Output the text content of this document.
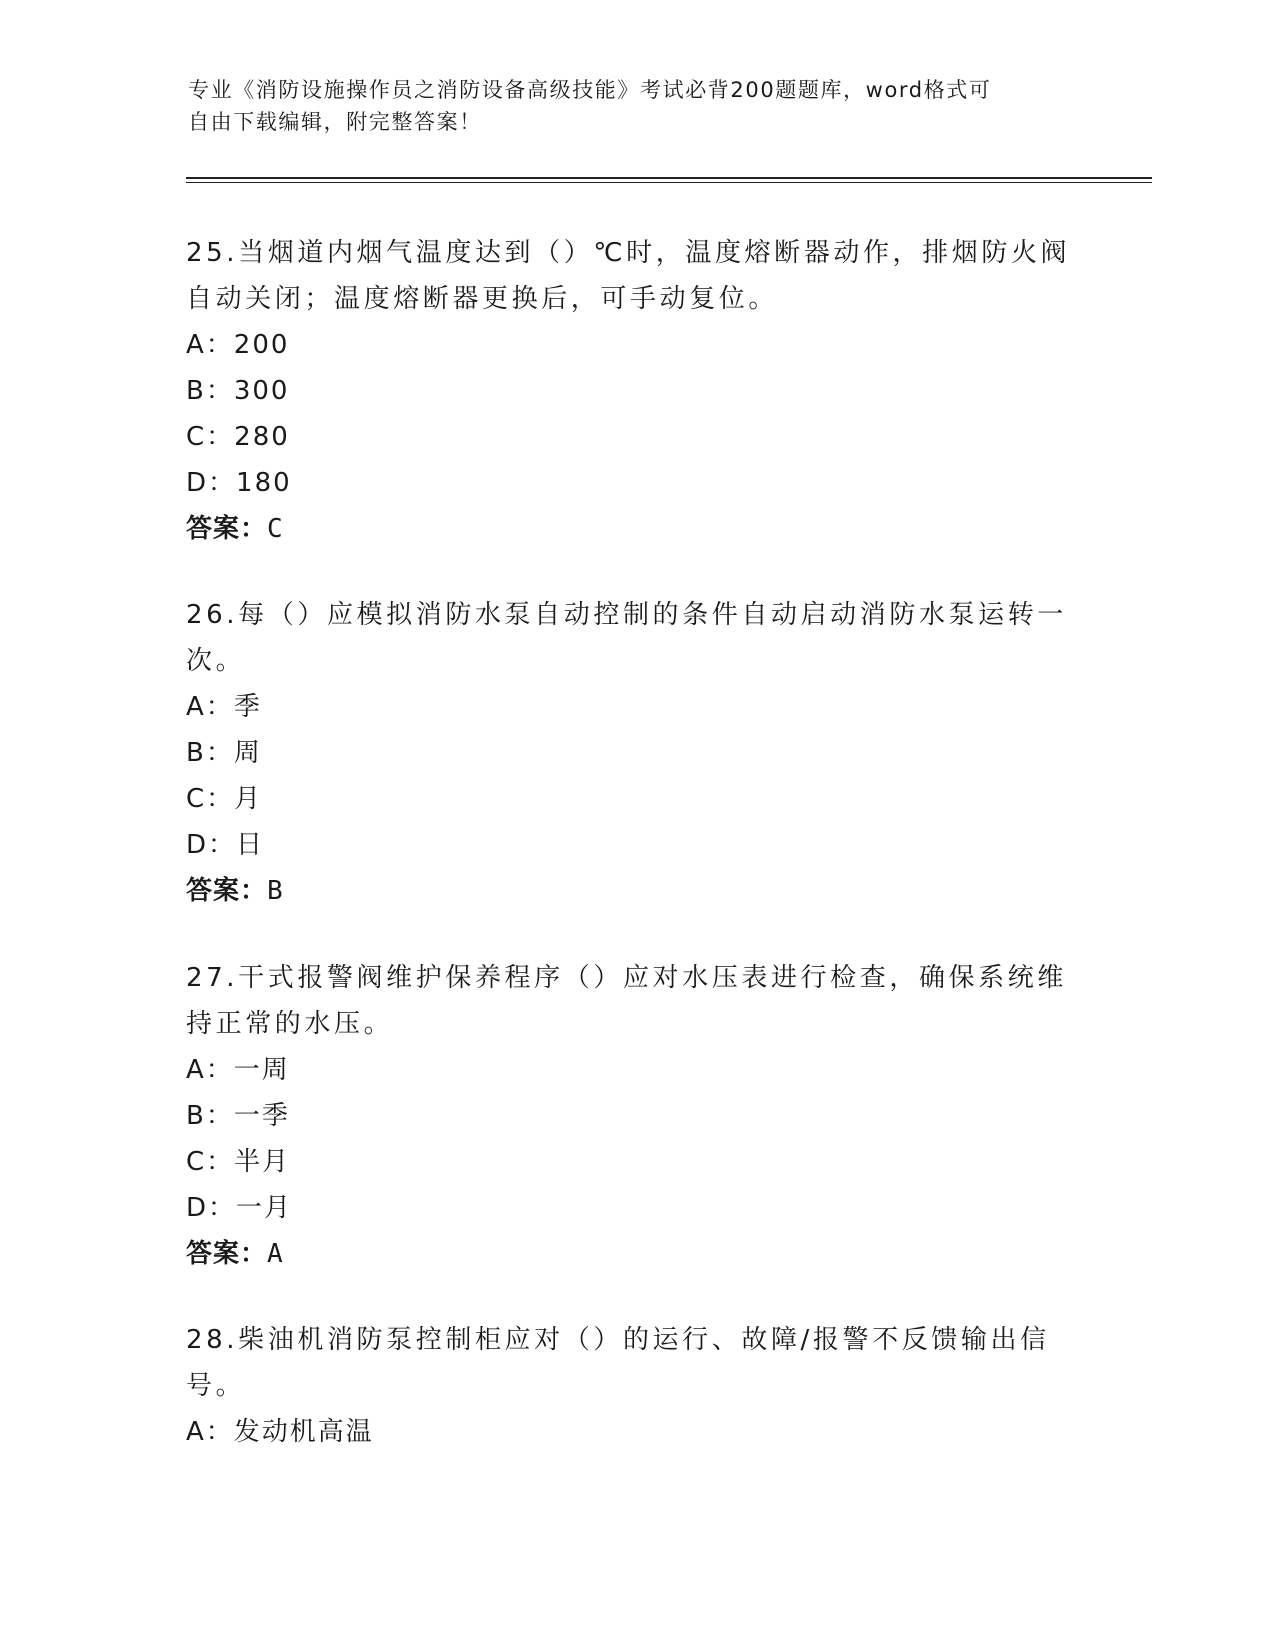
专业《消防设施操作员之消防设备高级技能》考试必背200题题库，word格式可
自由下载编辑，附完整答案！

25.当烟道内烟气温度达到（）℃时，温度熔断器动作，排烟防火阀自动关闭；温度熔断器更换后，可手动复位。

A：200

B：300

C：280

D：180

答案：C

26.每（）应模拟消防水泵自动控制的条件自动启动消防水泵运转一次。

A：季

B：周

C：月

D：日

答案：B

27.干式报警阀维护保养程序（）应对水压表进行检查，确保系统维持正常的水压。

A：一周

B：一季

C：半月

D：一月

答案：A

28.柴油机消防泵控制柜应对（）的运行、故障/报警不反馈输出信号。

A：发动机高温
